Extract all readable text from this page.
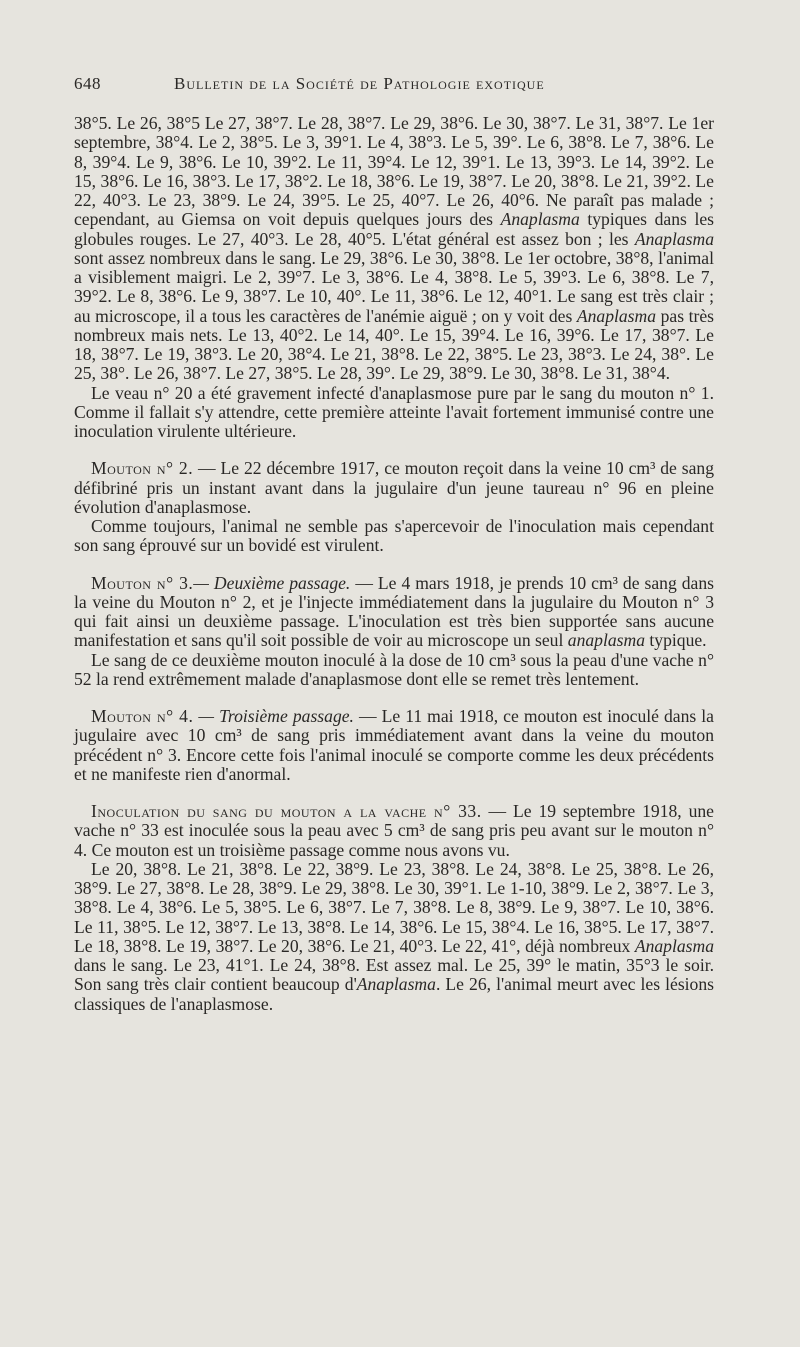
648	Bulletin de la Société de Pathologie exotique

38°5. Le 26, 38°5 Le 27, 38°7. Le 28, 38°7. Le 29, 38°6. Le 30, 38°7. Le 31, 38°7. Le 1er septembre, 38°4. Le 2, 38°5. Le 3, 39°1. Le 4, 38°3. Le 5, 39°. Le 6, 38°8. Le 7, 38°6. Le 8, 39°4. Le 9, 38°6. Le 10, 39°2. Le 11, 39°4. Le 12, 39°1. Le 13, 39°3. Le 14, 39°2. Le 15, 38°6. Le 16, 38°3. Le 17, 38°2. Le 18, 38°6. Le 19, 38°7. Le 20, 38°8. Le 21, 39°2. Le 22, 40°3. Le 23, 38°9. Le 24, 39°5. Le 25, 40°7. Le 26, 40°6. Ne paraît pas malade ; cependant, au Giemsa on voit depuis quelques jours des Anaplasma typiques dans les globules rouges. Le 27, 40°3. Le 28, 40°5. L'état général est assez bon ; les Anaplasma sont assez nombreux dans le sang. Le 29, 38°6. Le 30, 38°8. Le 1er octobre, 38°8, l'animal a visiblement maigri. Le 2, 39°7. Le 3, 38°6. Le 4, 38°8. Le 5, 39°3. Le 6, 38°8. Le 7, 39°2. Le 8, 38°6. Le 9, 38°7. Le 10, 40°. Le 11, 38°6. Le 12, 40°1. Le sang est très clair ; au microscope, il a tous les caractères de l'anémie aiguë ; on y voit des Anaplasma pas très nombreux mais nets. Le 13, 40°2. Le 14, 40°. Le 15, 39°4. Le 16, 39°6. Le 17, 38°7. Le 18, 38°7. Le 19, 38°3. Le 20, 38°4. Le 21, 38°8. Le 22, 38°5. Le 23, 38°3. Le 24, 38°. Le 25, 38°. Le 26, 38°7. Le 27, 38°5. Le 28, 39°. Le 29, 38°9. Le 30, 38°8. Le 31, 38°4.

Le veau n° 20 a été gravement infecté d'anaplasmose pure par le sang du mouton n° 1. Comme il fallait s'y attendre, cette première atteinte l'avait fortement immunisé contre une inoculation virulente ultérieure.

Mouton n° 2. — Le 22 décembre 1917, ce mouton reçoit dans la veine 10 cm³ de sang défibriné pris un instant avant dans la jugulaire d'un jeune taureau n° 96 en pleine évolution d'anaplasmose.

Comme toujours, l'animal ne semble pas s'apercevoir de l'inoculation mais cependant son sang éprouvé sur un bovidé est virulent.

Mouton n° 3.— Deuxième passage. — Le 4 mars 1918, je prends 10 cm³ de sang dans la veine du Mouton n° 2, et je l'injecte immédiatement dans la jugulaire du Mouton n° 3 qui fait ainsi un deuxième passage. L'inoculation est très bien supportée sans aucune manifestation et sans qu'il soit possible de voir au microscope un seul anaplasma typique.

Le sang de ce deuxième mouton inoculé à la dose de 10 cm³ sous la peau d'une vache n° 52 la rend extrêmement malade d'anaplasmose dont elle se remet très lentement.

Mouton n° 4. — Troisième passage. — Le 11 mai 1918, ce mouton est inoculé dans la jugulaire avec 10 cm³ de sang pris immédiatement avant dans la veine du mouton précédent n° 3. Encore cette fois l'animal inoculé se comporte comme les deux précédents et ne manifeste rien d'anormal.

Inoculation du sang du mouton a la vache n° 33. — Le 19 septembre 1918, une vache n° 33 est inoculée sous la peau avec 5 cm³ de sang pris peu avant sur le mouton n° 4. Ce mouton est un troisième passage comme nous avons vu.

Le 20, 38°8. Le 21, 38°8. Le 22, 38°9. Le 23, 38°8. Le 24, 38°8. Le 25, 38°8. Le 26, 38°9. Le 27, 38°8. Le 28, 38°9. Le 29, 38°8. Le 30, 39°1. Le 1-10, 38°9. Le 2, 38°7. Le 3, 38°8. Le 4, 38°6. Le 5, 38°5. Le 6, 38°7. Le 7, 38°8. Le 8, 38°9. Le 9, 38°7. Le 10, 38°6. Le 11, 38°5. Le 12, 38°7. Le 13, 38°8. Le 14, 38°6. Le 15, 38°4. Le 16, 38°5. Le 17, 38°7. Le 18, 38°8. Le 19, 38°7. Le 20, 38°6. Le 21, 40°3. Le 22, 41°, déjà nombreux Anaplasma dans le sang. Le 23, 41°1. Le 24, 38°8. Est assez mal. Le 25, 39° le matin, 35°3 le soir. Son sang très clair contient beaucoup d'Anaplasma. Le 26, l'animal meurt avec les lésions classiques de l'anaplasmose.
